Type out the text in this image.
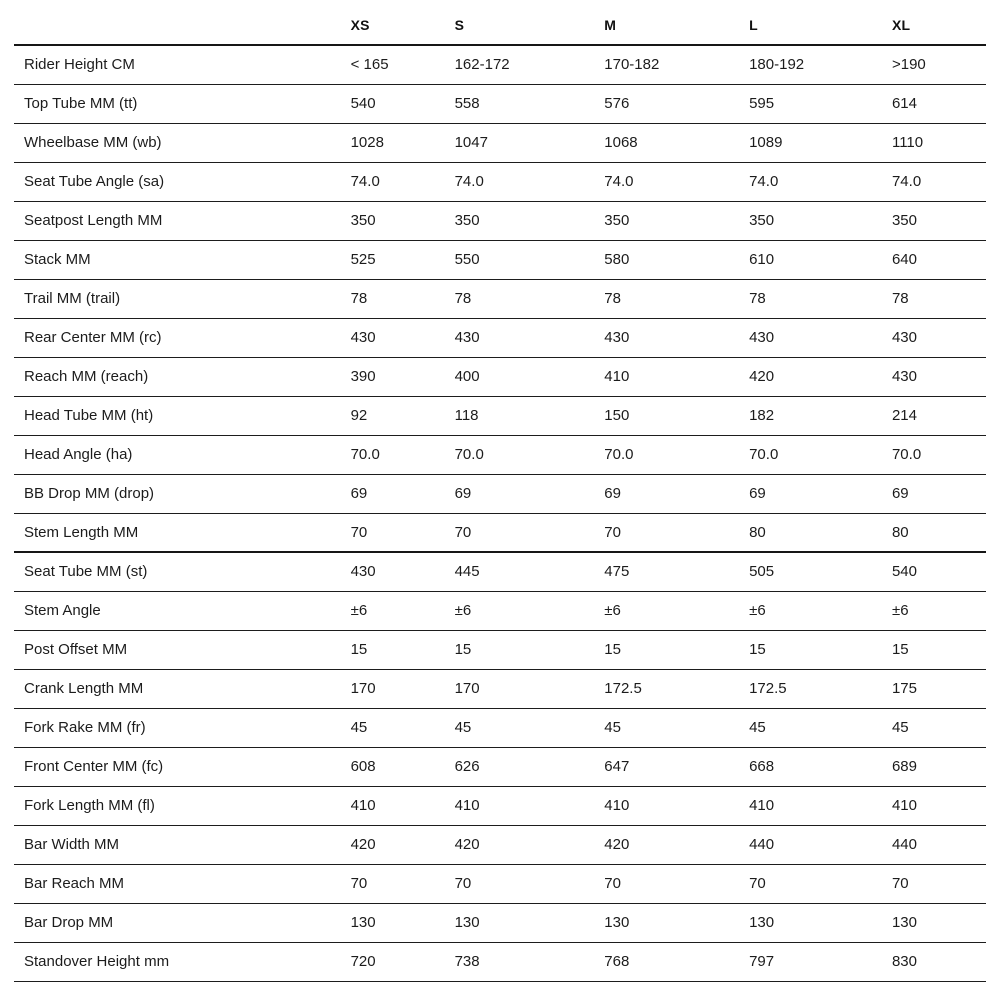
	XS	S	M	L	XL
Rider Height CM	< 165	162-172	170-182	180-192	>190
Top Tube MM (tt)	540	558	576	595	614
Wheelbase MM (wb)	1028	1047	1068	1089	1110
Seat Tube Angle (sa)	74.0	74.0	74.0	74.0	74.0
Seatpost Length MM	350	350	350	350	350
Stack MM	525	550	580	610	640
Trail MM (trail)	78	78	78	78	78
Rear Center MM (rc)	430	430	430	430	430
Reach MM (reach)	390	400	410	420	430
Head Tube MM (ht)	92	118	150	182	214
Head Angle (ha)	70.0	70.0	70.0	70.0	70.0
BB Drop MM (drop)	69	69	69	69	69
Stem Length MM	70	70	70	80	80
Seat Tube MM (st)	430	445	475	505	540
Stem Angle	±6	±6	±6	±6	±6
Post Offset MM	15	15	15	15	15
Crank Length MM	170	170	172.5	172.5	175
Fork Rake MM (fr)	45	45	45	45	45
Front Center MM (fc)	608	626	647	668	689
Fork Length MM (fl)	410	410	410	410	410
Bar Width MM	420	420	420	440	440
Bar Reach MM	70	70	70	70	70
Bar Drop MM	130	130	130	130	130
Standover Height mm	720	738	768	797	830
